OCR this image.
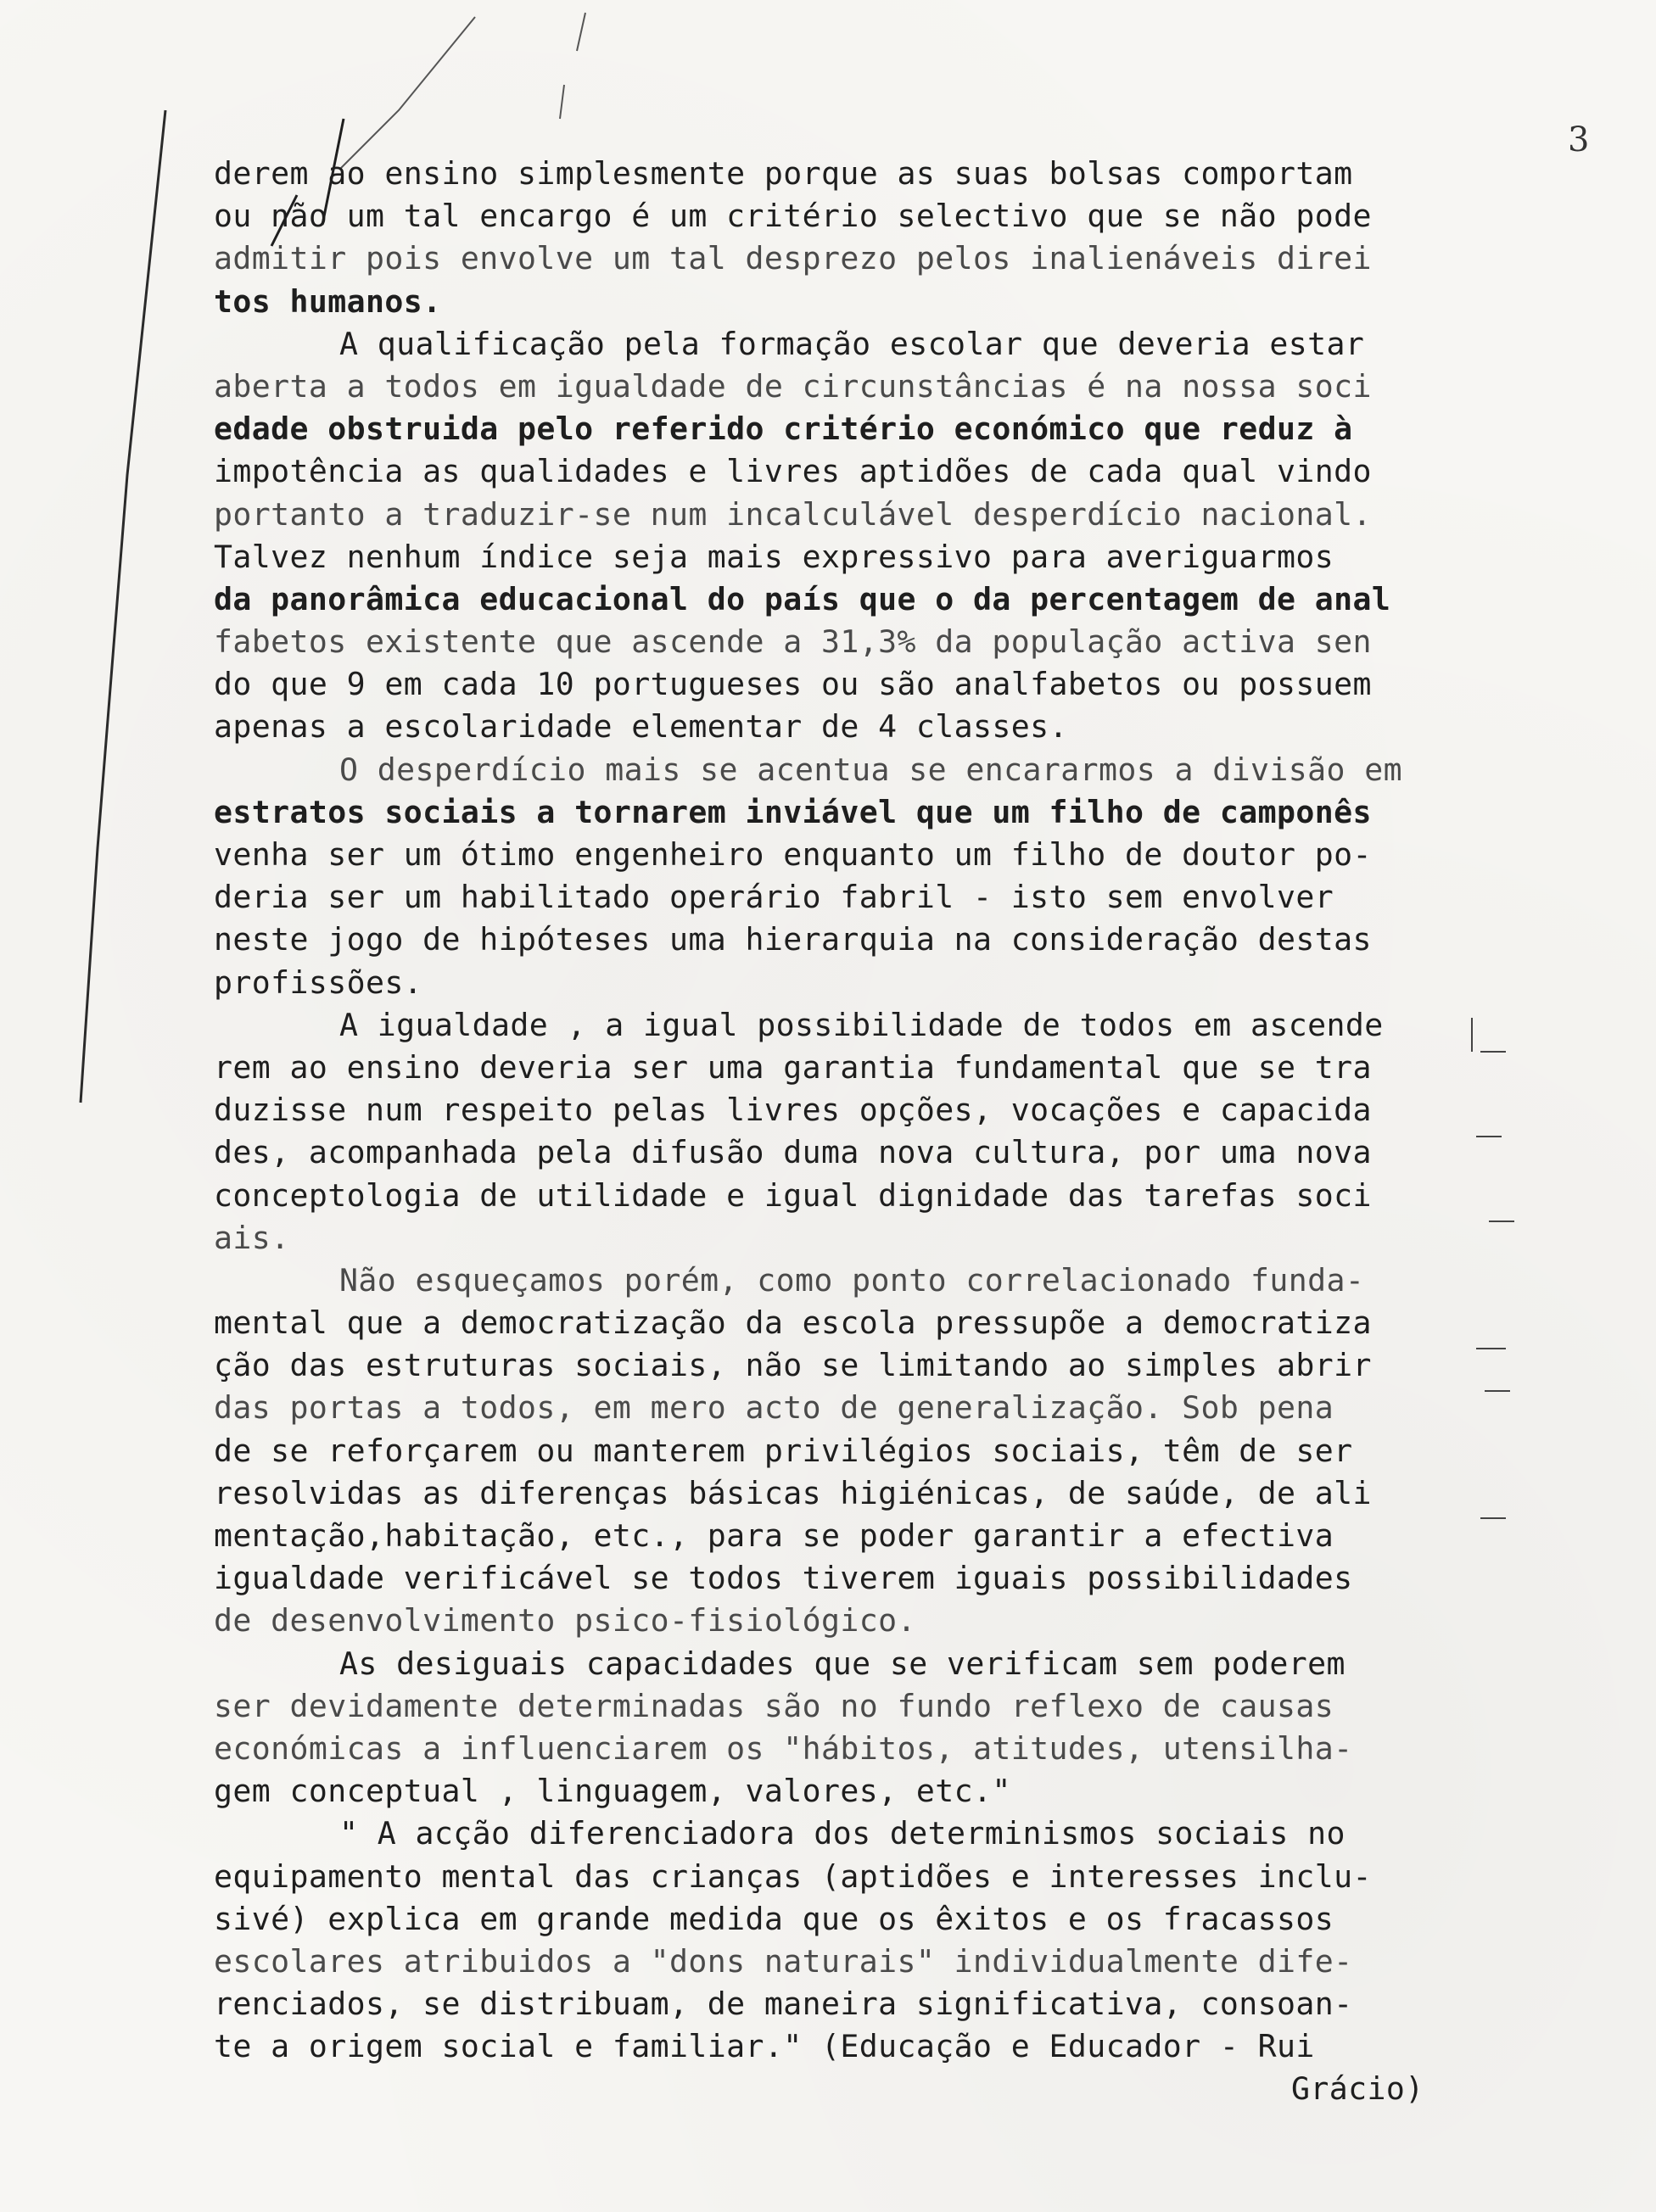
3
derem ao ensino simplesmente porque as suas bolsas comportam
ou não um tal encargo é um critério selectivo que se não pode
admitir pois envolve um tal desprezo pelos inalienáveis direi
tos humanos.
A qualificação pela formação escolar que deveria estar
aberta a todos em igualdade de circunstâncias é na nossa soci
edade obstruida pelo referido critério económico que reduz à
impotência as qualidades e livres aptidões de cada qual vindo
portanto a traduzir-se num incalculável desperdício nacional.
Talvez nenhum índice seja mais expressivo para averiguarmos
da panorâmica educacional do país que o da percentagem de anal
fabetos existente que ascende a 31,3% da população activa sen
do que 9 em cada 10 portugueses ou são analfabetos ou possuem
apenas a escolaridade elementar de 4 classes.
O desperdício mais se acentua se encararmos a divisão em
estratos sociais a tornarem inviável que um filho de camponês
venha ser um ótimo engenheiro enquanto um filho de doutor po-
deria ser um habilitado operário fabril - isto sem envolver
neste jogo de hipóteses uma hierarquia na consideração destas
profissões.
A igualdade , a igual possibilidade de todos em ascende
rem ao ensino deveria ser uma garantia fundamental que se tra
duzisse num respeito pelas livres opções, vocações e capacida
des, acompanhada pela difusão duma nova cultura, por uma nova
conceptologia de utilidade e igual dignidade das tarefas soci
ais.
Não esqueçamos porém, como ponto correlacionado funda-
mental que a democratização da escola pressupõe a democratiza
ção das estruturas sociais, não se limitando ao simples abrir
das portas a todos, em mero acto de generalização. Sob pena
de se reforçarem ou manterem privilégios sociais, têm de ser
resolvidas as diferenças básicas higiénicas, de saúde, de ali
mentação,habitação, etc., para se poder garantir a efectiva
igualdade verificável se todos tiverem iguais possibilidades
de desenvolvimento psico-fisiológico.
As desiguais capacidades que se verificam sem poderem
ser devidamente determinadas são no fundo reflexo de causas
económicas a influenciarem os "hábitos, atitudes, utensilha-
gem conceptual , linguagem, valores, etc."
" A acção diferenciadora dos determinismos sociais no
equipamento mental das crianças (aptidões e interesses inclu-
sivé) explica em grande medida que os êxitos e os fracassos
escolares atribuidos a "dons naturais" individualmente dife-
renciados, se distribuam, de maneira significativa, consoan-
te a origem social e familiar." (Educação e Educador - Rui
Grácio)
